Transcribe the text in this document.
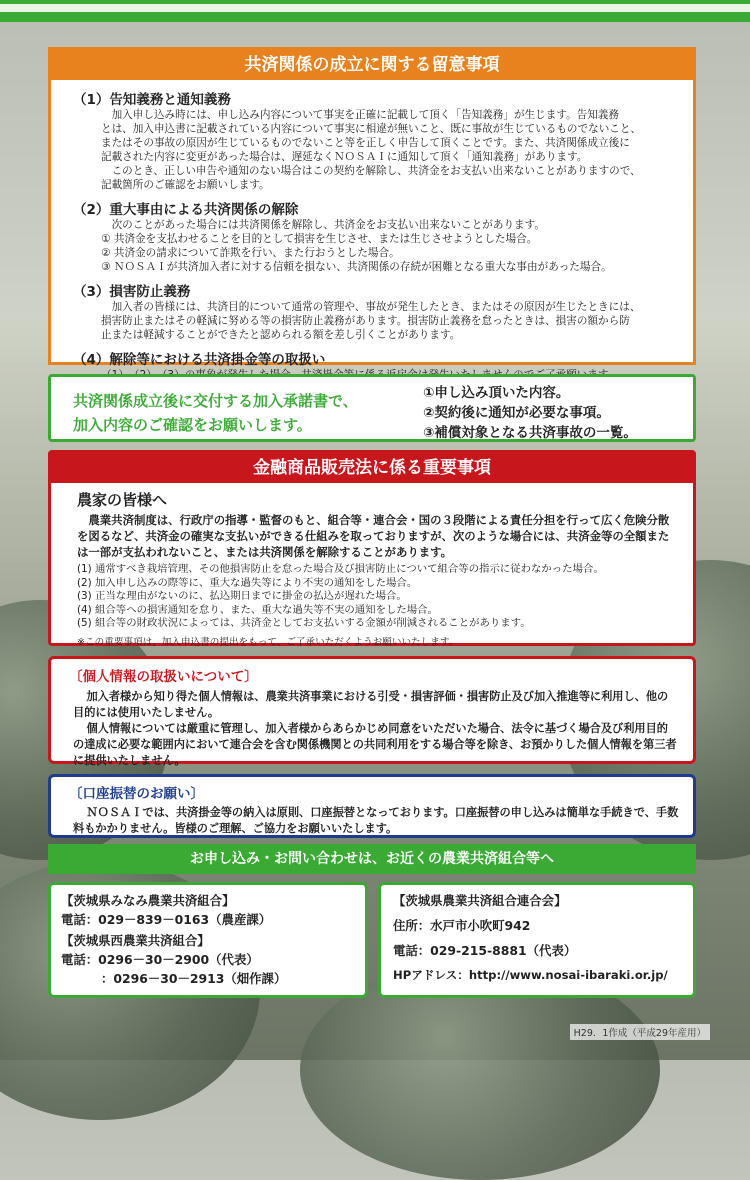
共済関係の成立に関する留意事項

（1）告知義務と通知義務

加入申し込み時には、申し込み内容について事実を正確に記載して頂く「告知義務」が生じます。告知義務

とは、加入申込書に記載されている内容について事実に相違が無いこと、既に事故が生じているものでないこと、

またはその事故の原因が生じているものでないこと等を正しく申告して頂くことです。また、共済関係成立後に

記載された内容に変更があった場合は、遅延なくＮＯＳＡＩに通知して頂く「通知義務」があります。

このとき、正しい申告や通知のない場合はこの契約を解除し、共済金をお支払い出来ないことがありますので、

記載箇所のご確認をお願いします。

（2）重大事由による共済関係の解除

次のことがあった場合には共済関係を解除し、共済金をお支払い出来ないことがあります。

① 共済金を支払わせることを目的として損害を生じさせ、または生じさせようとした場合。

② 共済金の請求について詐欺を行い、また行おうとした場合。

③ ＮＯＳＡＩが共済加入者に対する信頼を損ない、共済関係の存続が困難となる重大な事由があった場合。

（3）損害防止義務

加入者の皆様には、共済目的について通常の管理や、事故が発生したとき、またはその原因が生じたときには、

損害防止またはその軽減に努める等の損害防止義務があります。損害防止義務を怠ったときは、損害の額から防

止または軽減することができたと認められる額を差し引くことがあります。

（4）解除等における共済掛金等の取扱い

共済関係成立後に交付する加入承諾書で、
加入内容のご確認をお願いします。
①申し込み頂いた内容。
②契約後に通知が必要な事項。
③補償対象となる共済事故の一覧。
金融商品販売法に係る重要事項

農家の皆様へ

農業共済制度は、行政庁の指導・監督のもと、組合等・連合会・国の３段階による責任分担を行って広く危険分散を図るなど、共済金の確実な支払いができる仕組みを取っておりますが、次のような場合には、共済金等の全額または一部が支払われないこと、または共済関係を解除することがあります。

(1) 通常すべき栽培管理、その他損害防止を怠った場合及び損害防止について組合等の指示に従わなかった場合。

(2) 加入申し込みの際等に、重大な過失等により不実の通知をした場合。

(3) 正当な理由がないのに、払込期日までに掛金の払込が遅れた場合。

(4) 組合等への損害通知を怠り、また、重大な過失等不実の通知をした場合。

(5) 組合等の財政状況によっては、共済金としてお支払いする金額が削減されることがあります。

※この重要事項は、加入申込書の提出をもって、ご了承いただくようお願いいたします。

〔個人情報の取扱いについて〕

加入者様から知り得た個人情報は、農業共済事業における引受・損害評価・損害防止及び加入推進等に利用し、他の目的には使用いたしません。

個人情報については厳重に管理し、加入者様からあらかじめ同意をいただいた場合、法令に基づく場合及び利用目的の達成に必要な範囲内において連合会を含む関係機関との共同利用をする場合等を除き、お預かりした個人情報を第三者に提供いたしません。

〔口座振替のお願い〕

ＮＯＳＡＩでは、共済掛金等の納入は原則、口座振替となっております。口座振替の申し込みは簡単な手続きで、手数料もかかりません。皆様のご理解、ご協力をお願いいたします。

お申し込み・お問い合わせは、お近くの農業共済組合等へ

【茨城県みなみ農業共済組合】

電話：029－839－0163（農産課）

【茨城県西農業共済組合】

電話：0296－30－2900（代表）

：0296－30－2913（畑作課）

【茨城県農業共済組合連合会】

住所：水戸市小吹町942

電話：029-215-8881（代表）

HPアドレス：http://www.nosai-ibaraki.or.jp/

H29．1作成（平成29年産用）
